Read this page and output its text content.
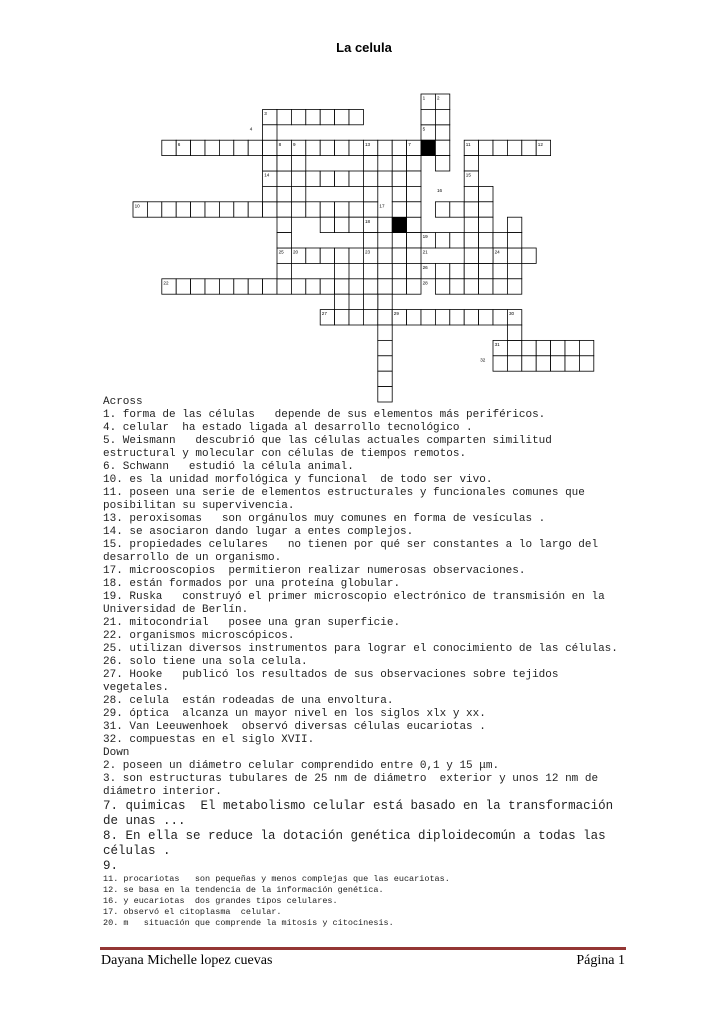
La celula
1	2
3
4	5
6	7
8	9
10
11	12
13
14	15
16
17
18
19
20	21
22
23	24
25
26
27
28
29	30
31
32
Across
1. forma de las células   depende de sus elementos más periféricos.
4. celular  ha estado ligada al desarrollo tecnológico .
5. Weismann   descubrió que las células actuales comparten similitud
estructural y molecular con células de tiempos remotos.
6. Schwann   estudió la célula animal.
10. es la unidad morfológica y funcional  de todo ser vivo.
11. poseen una serie de elementos estructurales y funcionales comunes que
posibilitan su supervivencia.
13. peroxisomas   son orgánulos muy comunes en forma de vesículas .
14. se asociaron dando lugar a entes complejos.
15. propiedades celulares   no tienen por qué ser constantes a lo largo del
desarrollo de un organismo.
17. microoscopios  permitieron realizar numerosas observaciones.
18. están formados por una proteína globular.
19. Ruska   construyó el primer microscopio electrónico de transmisión en la
Universidad de Berlín.
21. mitocondrial   posee una gran superficie.
22. organismos microscópicos.
25. utilizan diversos instrumentos para lograr el conocimiento de las células.
26. solo tiene una sola celula.
27. Hooke   publicó los resultados de sus observaciones sobre tejidos
vegetales.
28. celula  están rodeadas de una envoltura.
29. óptica  alcanza un mayor nivel en los siglos xlx y xx.
31. Van Leeuwenhoek  observó diversas células eucariotas .
32. compuestas en el siglo XVII.
Down
2. poseen un diámetro celular comprendido entre 0,1 y 15 μm.
3. son estructuras tubulares de 25 nm de diámetro  exterior y unos 12 nm de
diámetro interior.
7. quimicas  El metabolismo celular está basado en la transformación
de unas ...
8. En ella se reduce la dotación genética diploidecomún a todas las
células .
9.
11. procariotas   son pequeñas y menos complejas que las eucariotas.
12. se basa en la tendencia de la información genética.
16. y eucariotas  dos grandes tipos celulares.
17. observó el citoplasma  celular.
20. m   situación que comprende la mitosis y citocinesis.
Dayana Michelle lopez cuevas	Página 1
